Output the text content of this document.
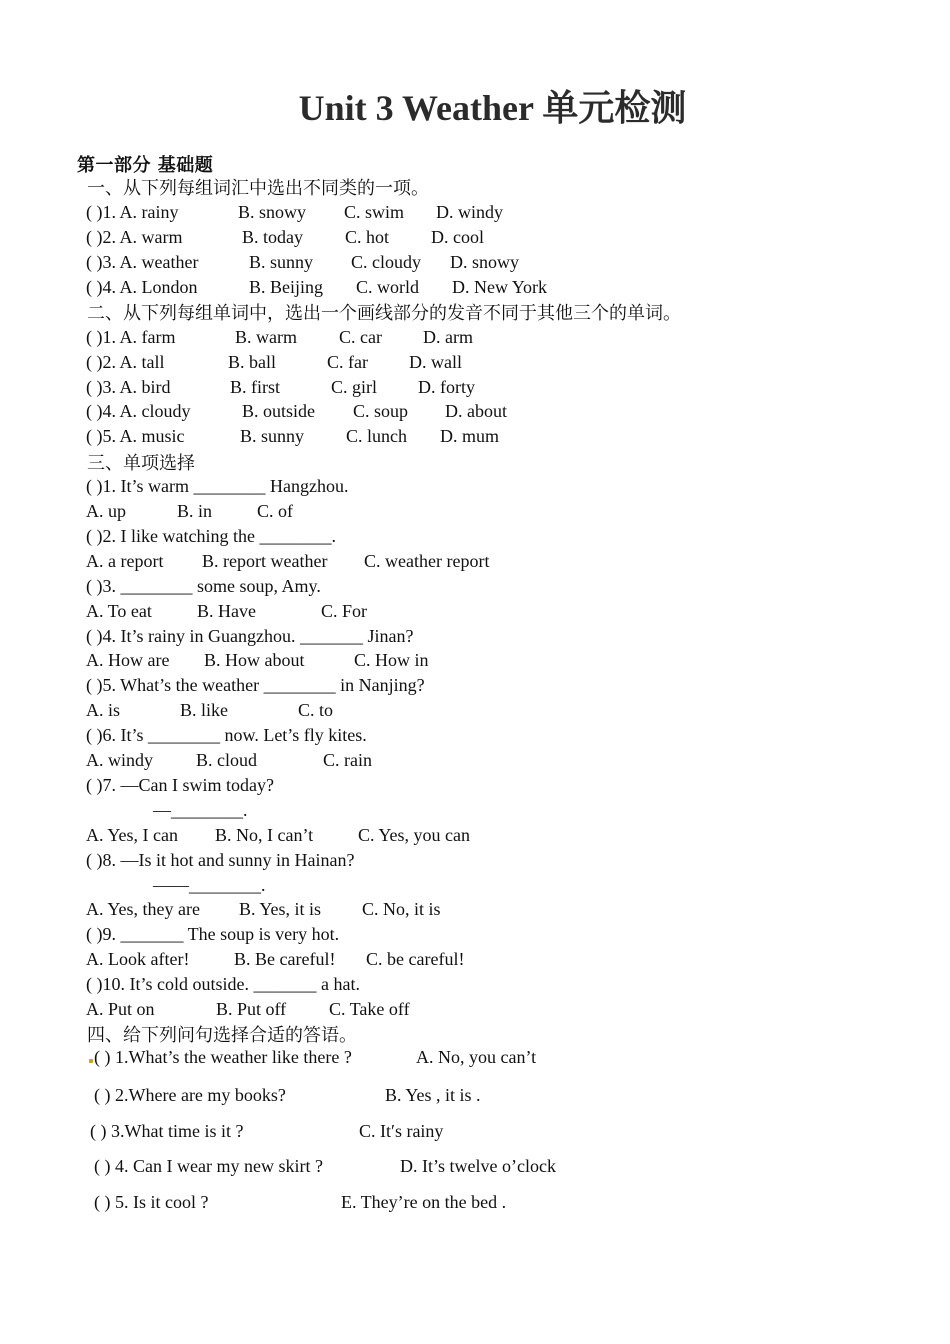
Unit 3 Weather 单元检测
第一部分 基础题
一、从下列每组词汇中选出不同类的一项。
( )1. A. rainy	B. snowy C. swim D. windy
( )2. A. warm	B. today C. hot D. cool
( )3. A. weather	B. sunny C. cloudy D. snowy
( )4. A. London	B. Beijing C. world D. New York
二、从下列每组单词中，选出一个画线部分的发音不同于其他三个的单词。
( )1. A. farm	B. warm C. car D. arm
( )2. A. tall	B. ball	C. far D. wall
( )3. A. bird	B. first	C. girl D. forty
( )4. A. cloudy	B. outside C. soup D. about
( )5. A. music	B. sunny C. lunch D. mum
三、单项选择
( )1. It’s warm ________ Hangzhou.
A. up	B. in C. of
( )2. I like watching the ________.
A. a report B. report weather C. weather report
( )3. ________ some soup, Amy.
A. To eat	B. Have	C. For
( )4. It’s rainy in Guangzhou. _______ Jinan?
A. How are B. How about	C. How in
( )5. What’s the weather ________ in Nanjing?
A. is	B. like	C. to
( )6. It’s ________ now. Let’s fly kites.
A. windy B. cloud	C. rain
( )7. —Can I swim today?
—________.
A. Yes, I can B. No, I can’t C. Yes, you can
( )8. —Is it hot and sunny in Hainan?
——________.
A. Yes, they are B. Yes, it is C. No, it is
( )9. _______ The soup is very hot.
A. Look after! B. Be careful! C. be careful!
( )10. It’s cold outside. _______ a hat.
A. Put on	B. Put off C. Take off
四、给下列问句选择合适的答语。
( ) 1.What’s the weather like there ?	A. No, you can’t
( ) 2.Where are my books?	B. Yes , it is .
( ) 3.What time is it ?	C. It′s rainy
( ) 4. Can I wear my new skirt ?	D. It’s twelve o’clock
( ) 5. Is it cool ?	E. They’re on the bed .
